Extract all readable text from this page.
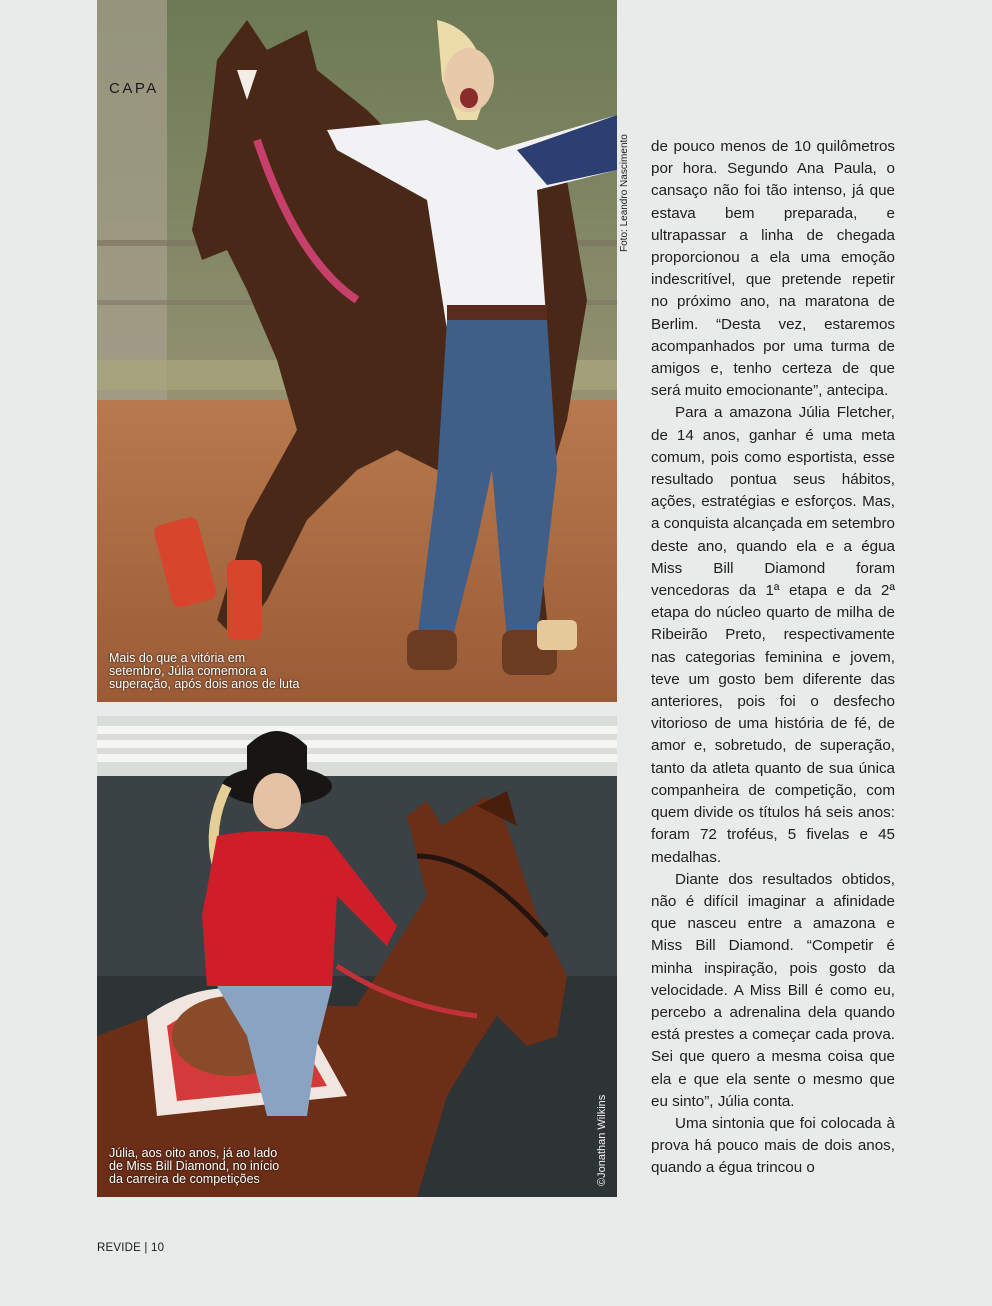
CAPA
Foto: Leandro Nascimento
Mais do que a vitória em
setembro, Júlia comemora a
superação, após dois anos de luta
©Jonathan Wilkins
Júlia, aos oito anos, já ao lado
de Miss Bill Diamond, no início
da carreira de competições

de pouco menos de 10 quilômetros por hora. Segundo Ana Paula, o cansaço não foi tão intenso, já que estava bem preparada, e ultrapassar a linha de chegada proporcionou a ela uma emoção indescritível, que pretende repetir no próximo ano, na maratona de Berlim. “Desta vez, estaremos acompanhados por uma turma de amigos e, tenho certeza de que será muito emocionante”, antecipa.

Para a amazona Júlia Fletcher, de 14 anos, ganhar é uma meta comum, pois como esportista, esse resultado pontua seus hábitos, ações, estratégias e esforços. Mas, a conquista alcançada em setembro deste ano, quando ela e a égua Miss Bill Diamond foram vencedoras da 1ª etapa e da 2ª etapa do núcleo quarto de milha de Ribeirão Preto, respectivamente nas categorias feminina e jovem, teve um gosto bem diferente das anteriores, pois foi o desfecho vitorioso de uma história de fé, de amor e, sobretudo, de superação, tanto da atleta quanto de sua única companheira de competição, com quem divide os títulos há seis anos: foram 72 troféus, 5 fivelas e 45 medalhas.

Diante dos resultados obtidos, não é difícil imaginar a afinidade que nasceu entre a amazona e Miss Bill Diamond. “Competir é minha inspiração, pois gosto da velocidade. A Miss Bill é como eu, percebo a adrenalina dela quando está prestes a começar cada prova. Sei que quero a mesma coisa que ela e que ela sente o mesmo que eu sinto”, Júlia conta.

Uma sintonia que foi colocada à prova há pouco mais de dois anos, quando a égua trincou o

REVIDE | 10
